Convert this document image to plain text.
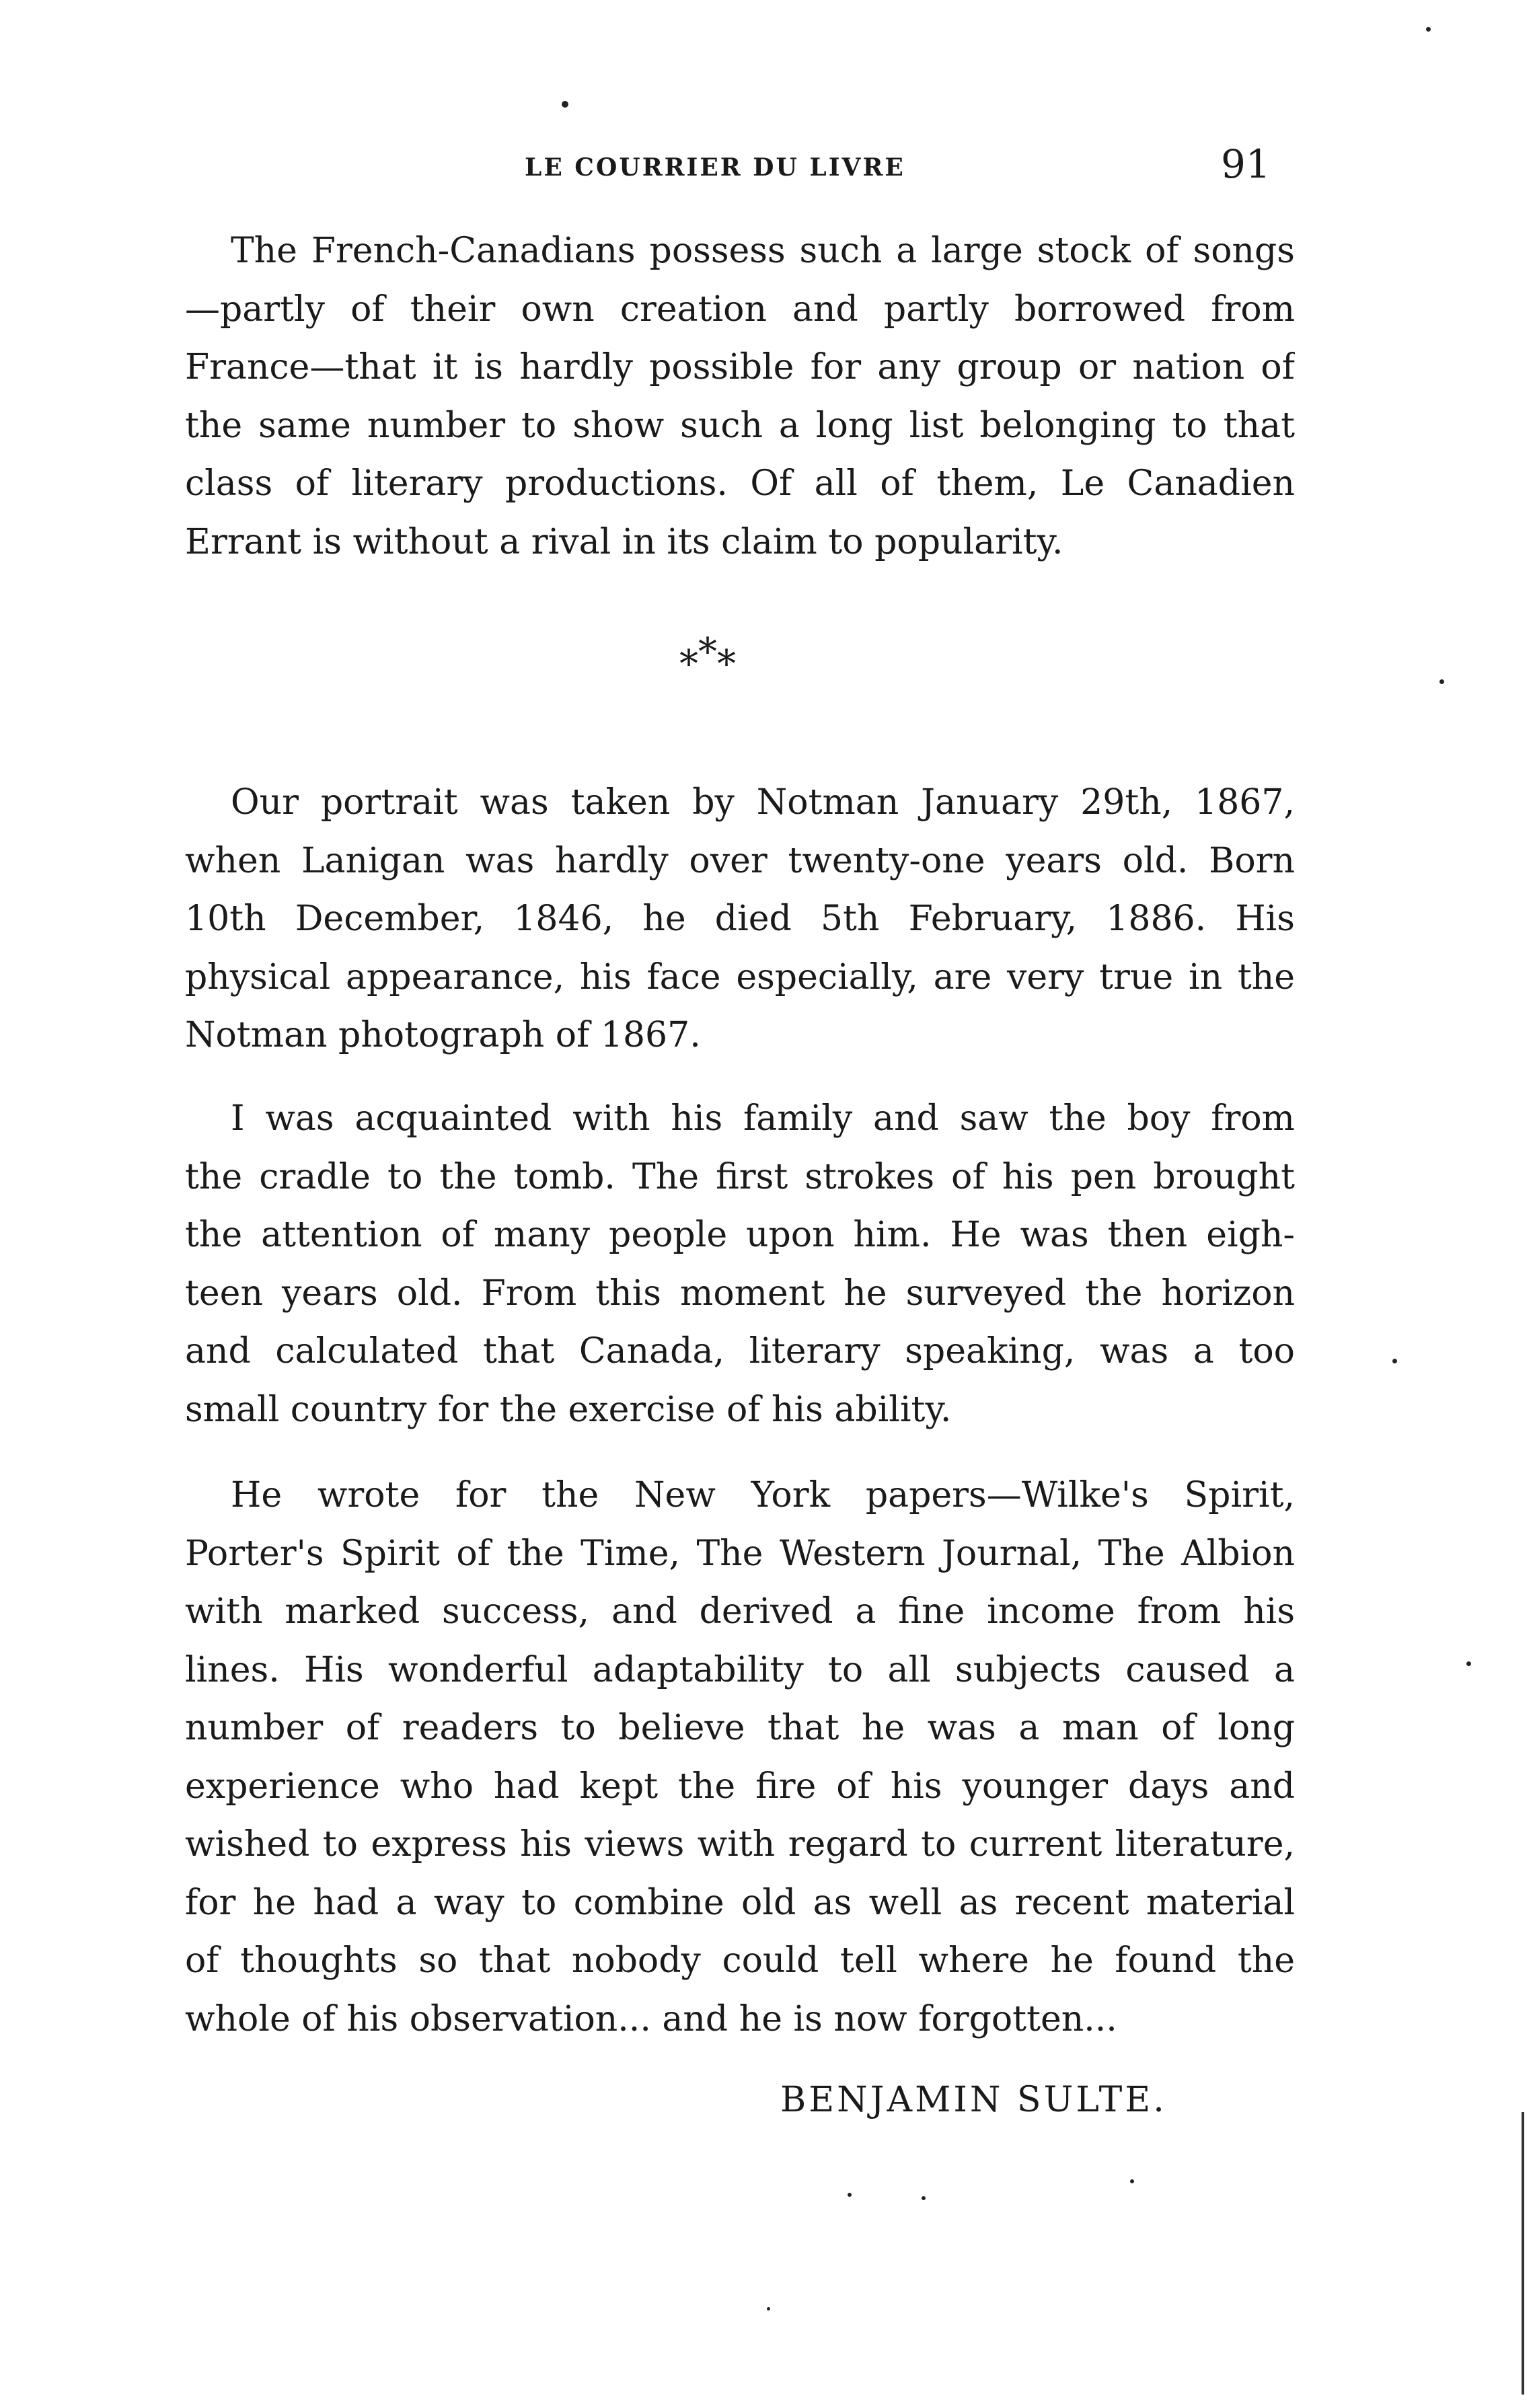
LE COURRIER DU LIVRE	91
The French-Canadians possess such a large stock of songs
—partly of their own creation and partly borrowed from
France—that it is hardly possible for any group or nation of
the same number to show such a long list belonging to that
class of literary productions. Of all of them, Le Canadien
Errant is without a rival in its claim to popularity.
***
Our portrait was taken by Notman January 29th, 1867,
when Lanigan was hardly over twenty-one years old. Born
10th December, 1846, he died 5th February, 1886. His
physical appearance, his face especially, are very true in the
Notman photograph of 1867.
I was acquainted with his family and saw the boy from
the cradle to the tomb. The first strokes of his pen brought
the attention of many people upon him. He was then eigh-
teen years old. From this moment he surveyed the horizon
and calculated that Canada, literary speaking, was a too
small country for the exercise of his ability.
He wrote for the New York papers—Wilke's Spirit,
Porter's Spirit of the Time, The Western Journal, The Albion
with marked success, and derived a fine income from his
lines. His wonderful adaptability to all subjects caused a
number of readers to believe that he was a man of long
experience who had kept the fire of his younger days and
wished to express his views with regard to current literature,
for he had a way to combine old as well as recent material
of thoughts so that nobody could tell where he found the
whole of his observation... and he is now forgotten...
BENJAMIN SULTE.
